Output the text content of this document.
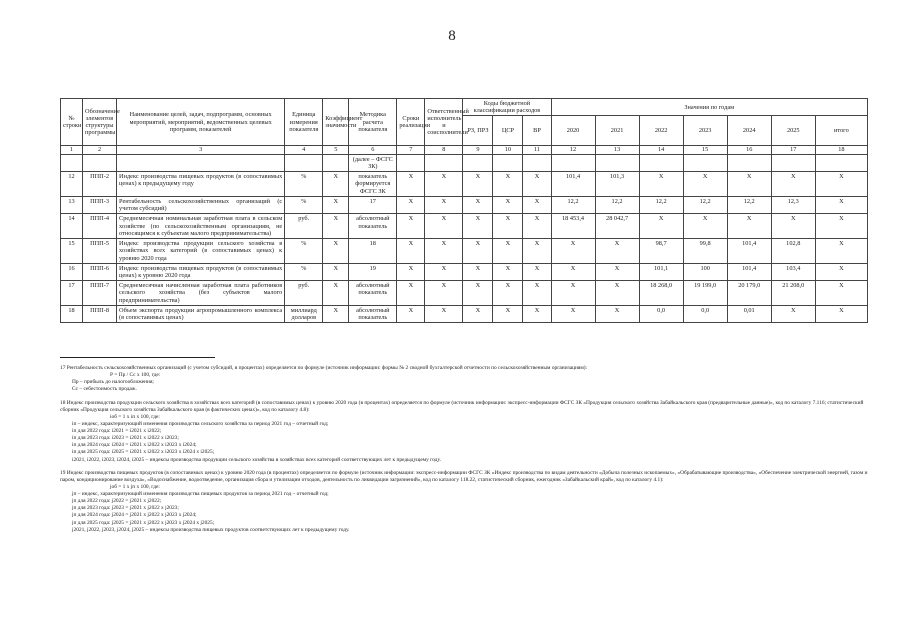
8
№ строки	Обозначение элементов структуры программы	Наименование целей, задач, подпрограмм, основных мероприятий, мероприятий, ведомственных целевых программ, показателей	Единица измерения показателя	Коэффициент значимости	Методика расчета показателя	Сроки реализации	Ответственный исполнитель и соисполнители	Коды бюджетной классификации расходов			Значения по годам						
								РЗ, ПРЗ	ЦСР	ВР	2020	2021	2022	2023	2024	2025	итого
1	2	3	4	5	6	7	8	9	10	11	12	13	14	15	16	17	18
					(далее – ФСГС ЗК)												
12	ППП-2	Индекс производства пищевых продуктов (в сопоставимых ценах) к предыдущему году	%	X	показатель формируется ФСГС ЗК	X	X	X	X	X	101,4	101,3	X	X	X	X	X
13	ППП-3	Рентабельность сельскохозяйственных организаций (с учетом субсидий)	%	X	17	X	X	X	X	X	12,2	12,2	12,2	12,2	12,2	12,3	X
14	ППП-4	Среднемесячная номинальная заработная плата в сельском хозяйстве (по сельскохозяйственным организациям, не относящимся к субъектам малого предпринимательства)	руб.	X	абсолютный показатель	X	X	X	X	X	18 453,4	28 042,7	X	X	X	X	X
15	ППП-5	Индекс производства продукции сельского хозяйства в хозяйствах всех категорий (в сопоставимых ценах) к уровню 2020 года	%	X	18	X	X	X	X	X	X	X	98,7	99,8	101,4	102,8	X
16	ППП-6	Индекс производства пищевых продуктов (в сопоставимых ценах) к уровню 2020 года	%	X	19	X	X	X	X	X	X	X	101,1	100	101,4	103,4	X
17	ППП-7	Среднемесячная начисленная заработная плата работников сельского хозяйства (без субъектов малого предпринимательства)	руб.	X	абсолютный показатель	X	X	X	X	X	X	X	18 268,0	19 199,0	20 179,0	21 208,0	X
18	ППП-8	Объем экспорта продукции агропромышленного комплекса (в сопоставимых ценах)	миллиард долларов	X	абсолютный показатель	X	X	X	X	X	X	X	0,0	0,0	0,01	X	X

17 Рентабельность сельскохозяйственных организаций (с учетом субсидий, в процентах) определяется по формуле (источник информации: формы № 2 сводной бухгалтерской отчетности по сельскохозяйственным организациям):

Р = Пр / Сс х 100, где:

Пр – прибыль до налогообложения;

Сс – себестоимость продаж.

18 Индекс производства продукции сельского хозяйства в хозяйствах всех категорий (в сопоставимых ценах) к уровню 2020 года (в процентах) определяется по формуле (источник информации: экспресс-информации ФСГС ЗК «Продукция сельского хозяйства Забайкальского края (предварительные данные)», код по каталогу 7.116; статистический сборник «Продукция сельского хозяйства Забайкальского края (в фактических ценах)», код по каталогу 4.8):

iоб = 1 х iп х 100, где:

iп – индекс, характеризующий изменения производства сельского хозяйства за период 2021 год – отчетный год;

iп для 2022 года: i2021 = i2021 х i2022;

iп для 2023 года: i2023 = i2021 х i2022 х i2023;

iп для 2024 года: i2024 = i2021 х i2022 х i2023 х i2024;

iп для 2025 года: i2025 = i2021 х i2022 х i2023 х i2024 х i2025;

i2021, i2022, i2023, i2024, i2025 – индексы производства продукции сельского хозяйства в хозяйствах всех категорий соответствующих лет к предыдущему году.

19 Индекс производства пищевых продуктов (в сопоставимых ценах) к уровню 2020 года (в процентах) определяется по формуле (источник информации: экспресс-информации ФСГС ЗК «Индекс производства по видам деятельности «Добыча полезных ископаемых», «Обрабатывающие производства», «Обеспечение электрической энергией, газом и паром, кондиционирование воздуха», «Водоснабжение, водоотведение, организация сбора и утилизации отходов, деятельность по ликвидации загрязнений», код по каталогу 118.22, статистический сборник, ежегодник «Забайкальский край», код по каталогу 4.1):

jоб = 1 х jп х 100, где:

jп – индекс, характеризующий изменения производства пищевых продуктов за период 2021 год – отчетный год;

jп для 2022 года: j2022 = j2021 х j2022;

jп для 2023 года: j2023 = j2021 х j2022 х j2023;

jп для 2024 года: j2024 = j2021 х j2022 х j2023 х j2024;

jп для 2025 года: j2025 = j2021 х j2022 х j2023 х j2024 х j2025;

j2021, j2022, j2023, j2024, j2025 – индексы производства пищевых продуктов соответствующих лет к предыдущему году.
